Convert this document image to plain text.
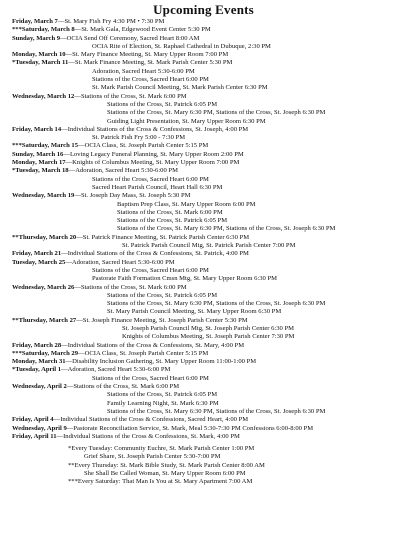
Upcoming Events
Friday, March 7—St. Mary Fish Fry 4:30 PM • 7:30 PM
***Saturday, March 8—St. Mark Gala, Edgewood Event Center 5:30 PM
Sunday, March 9—OCIA Send Off Ceremony, Sacred Heart 8:00 AM
OCIA Rite of Election, St. Raphael Cathedral in Dubuque, 2:30 PM
Monday, March 10—St. Mary Finance Meeting, St. Mary Upper Room 7:00 PM
*Tuesday, March 11—St. Mark Finance Meeting, St. Mark Parish Center 5:30 PM
Adoration, Sacred Heart 5:30-6:00 PM
Stations of the Cross, Sacred Heart 6:00 PM
St. Mark Parish Council Meeting, St. Mark Parish Center 6:30 PM
Wednesday, March 12—Stations of the Cross, St. Mark 6:00 PM
Stations of the Cross, St. Patrick 6:05 PM
Stations of the Cross, St. Mary 6:30 PM, Stations of the Cross, St. Joseph 6:30 PM
Guiding Light Presentation, St. Mary Upper Room 6:30 PM
Friday, March 14—Individual Stations of the Cross & Confessions, St. Joseph, 4:00 PM
St. Patrick Fish Fry 5:00 - 7:30 PM
***Saturday, March 15—OCIA Class, St. Joseph Parish Center 5:15 PM
Sunday, March 16—Loving Legacy Funeral Planning, St. Mary Upper Room 2:00 PM
Monday, March 17—Knights of Columbus Meeting, St. Mary Upper Room 7:00 PM
*Tuesday, March 18—Adoration, Sacred Heart 5:30-6:00 PM
Stations of the Cross, Sacred Heart 6:00 PM
Sacred Heart Parish Council, Heart Hall 6:30 PM
Wednesday, March 19—St. Joseph Day Mass, St. Joseph 5:30 PM
Baptism Prep Class, St. Mary Upper Room 6:00 PM
Stations of the Cross, St. Mark 6:00 PM
Stations of the Cross, St. Patrick 6:05 PM
Stations of the Cross, St. Mary 6:30 PM, Stations of the Cross, St. Joseph 6:30 PM
**Thursday, March 20—St. Patrick Finance Meeting, St. Patrick Parish Center 6:30 PM
St. Patrick Parish Council Mtg, St. Patrick Parish Center 7:00 PM
Friday, March 21—Individual Stations of the Cross & Confessions, St. Patrick, 4:00 PM
Tuesday, March 25—Adoration, Sacred Heart 5:30-6:00 PM
Stations of the Cross, Sacred Heart 6:00 PM
Pastorate Faith Formation Cmsn Mtg, St. Mary Upper Room 6:30 PM
Wednesday, March 26—Stations of the Cross, St. Mark 6:00 PM
Stations of the Cross, St. Patrick 6:05 PM
Stations of the Cross, St. Mary 6:30 PM, Stations of the Cross, St. Joseph 6:30 PM
St. Mary Parish Council Meeting, St. Mary Upper Room 6:30 PM
**Thursday, March 27—St. Joseph Finance Meeting, St. Joseph Parish Center 5:30 PM
St. Joseph Parish Council Mtg, St. Joseph Parish Center 6:30 PM
Knights of Columbus Meeting, St. Joseph Parish Center 7:30 PM
Friday, March 28—Individual Stations of the Cross & Confessions, St. Mary, 4:00 PM
***Saturday, March 29—OCIA Class, St. Joseph Parish Center 5:15 PM
Monday, March 31—Disability Inclusion Gathering, St. Mary Upper Room 11:00-1:00 PM
*Tuesday, April 1—Adoration, Sacred Heart 5:30-6:00 PM
Stations of the Cross, Sacred Heart 6:00 PM
Wednesday, April 2—Stations of the Cross, St. Mark 6:00 PM
Stations of the Cross, St. Patrick 6:05 PM
Family Learning Night, St. Mark 6:30 PM
Stations of the Cross, St. Mary 6:30 PM, Stations of the Cross, St. Joseph 6:30 PM
Friday, April 4—Individual Stations of the Cross & Confessions, Sacred Heart, 4:00 PM
Wednesday, April 9—Pastorate Reconciliation Service, St. Mark, Meal 5:30-7:30 PM Confessions 6:00-8:00 PM
Friday, April 11—Individual Stations of the Cross & Confessions, St. Mark, 4:00 PM
*Every Tuesday: Community Euchre, St. Mark Parish Center 1:00 PM
Grief Share, St. Joseph Parish Center 5:30-7:00 PM
**Every Thursday: St. Mark Bible Study, St. Mark Parish Center 8:00 AM
She Shall Be Called Woman, St. Mary Upper Room 6:00 PM
***Every Saturday: That Man Is You at St. Mary Apartment 7:00 AM
